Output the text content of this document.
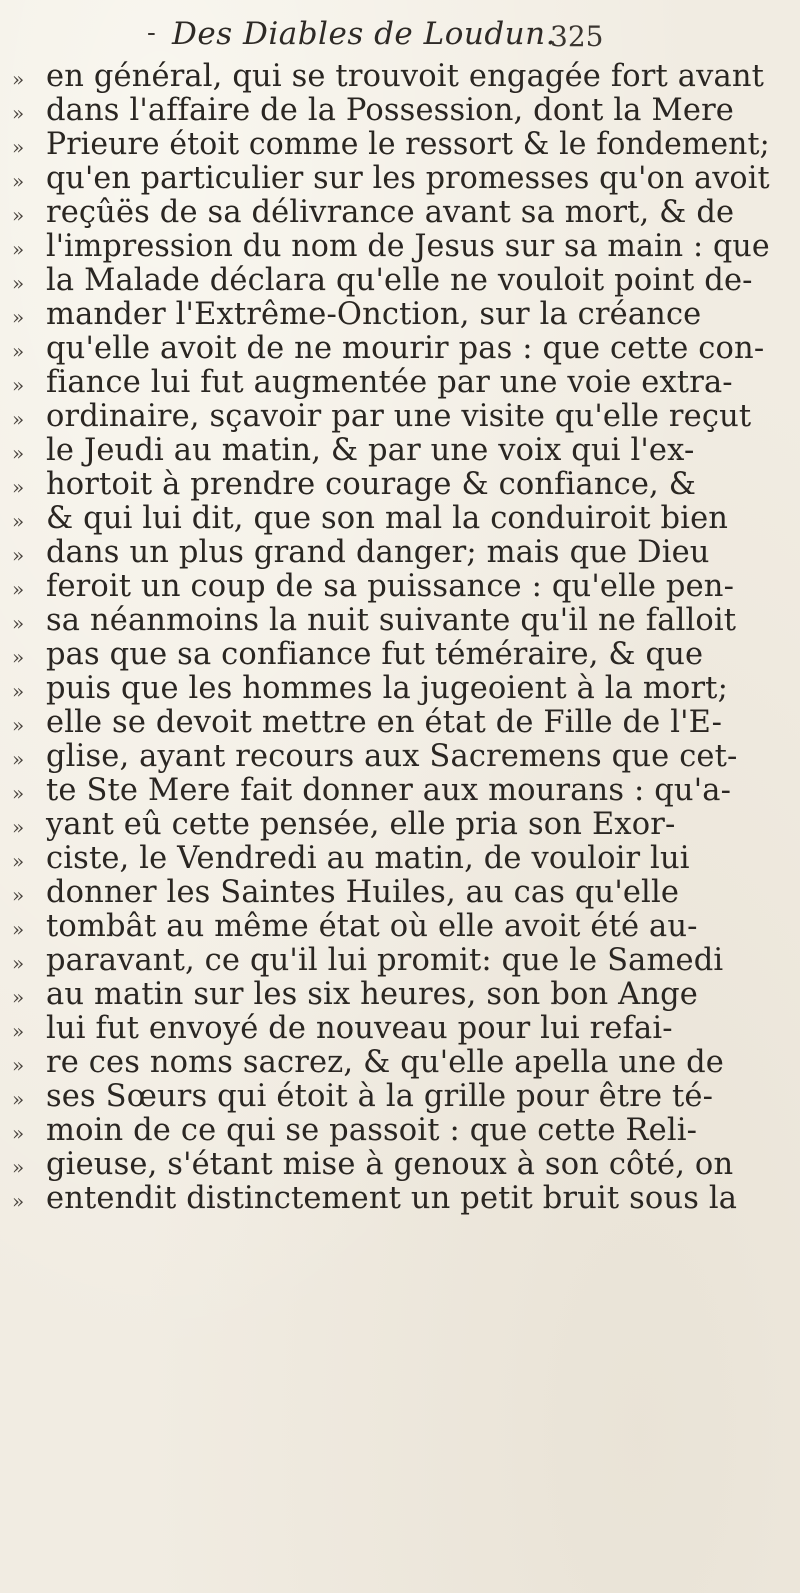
- Des Diables de Loudun.
325
» en général, qui se trouvoit engagée fort avant
» dans l'affaire de la Possession, dont la Mere
» Prieure étoit comme le ressort & le fondement;
» qu'en particulier sur les promesses qu'on avoit
» reçûës de sa délivrance avant sa mort, & de
» l'impression du nom de Jesus sur sa main : que
» la Malade déclara qu'elle ne vouloit point de-
» mander l'Extrême-Onction, sur la créance
» qu'elle avoit de ne mourir pas : que cette con-
» fiance lui fut augmentée par une voie extra-
» ordinaire, sçavoir par une visite qu'elle reçut
» le Jeudi au matin, & par une voix qui l'ex-
» hortoit à prendre courage & confiance, &
» & qui lui dit, que son mal la conduiroit bien
» dans un plus grand danger; mais que Dieu
» feroit un coup de sa puissance : qu'elle pen-
» sa néanmoins la nuit suivante qu'il ne falloit
» pas que sa confiance fut téméraire, & que
» puis que les hommes la jugeoient à la mort;
» elle se devoit mettre en état de Fille de l'E-
» glise, ayant recours aux Sacremens que cet-
» te Ste Mere fait donner aux mourans : qu'a-
» yant eû cette pensée, elle pria son Exor-
» ciste, le Vendredi au matin, de vouloir lui
» donner les Saintes Huiles, au cas qu'elle
» tombât au même état où elle avoit été au-
» paravant, ce qu'il lui promit: que le Samedi
» au matin sur les six heures, son bon Ange
» lui fut envoyé de nouveau pour lui refai-
» re ces noms sacrez, & qu'elle apella une de
» ses Sœurs qui étoit à la grille pour être té-
» moin de ce qui se passoit : que cette Reli-
» gieuse, s'étant mise à genoux à son côté, on
» entendit distinctement un petit bruit sous la
